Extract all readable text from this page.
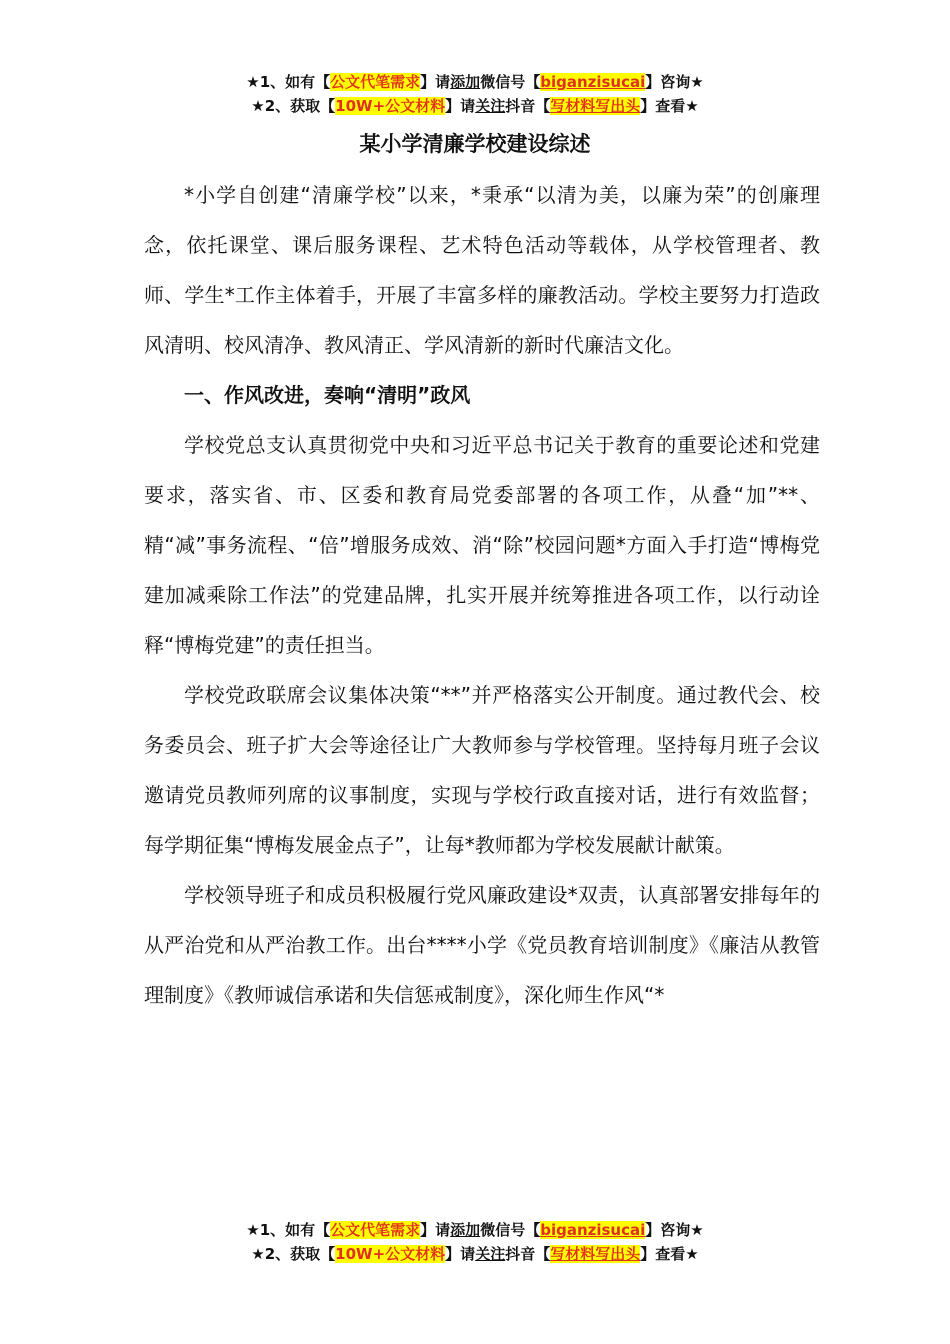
★1、如有【公文代笔需求】请添加微信号【biganzisucai】咨询★
★2、获取【10W+公文材料】请关注抖音【写材料写出头】查看★
某小学清廉学校建设综述

*小学自创建“清廉学校”以来，*秉承“以清为美，以廉为荣”的创廉理念，依托课堂、课后服务课程、艺术特色活动等载体，从学校管理者、教师、学生*工作主体着手，开展了丰富多样的廉教活动。学校主要努力打造政风清明、校风清净、教风清正、学风清新的新时代廉洁文化。

一、作风改进，奏响“清明”政风

学校党总支认真贯彻党中央和习近平总书记关于教育的重要论述和党建要求，落实省、市、区委和教育局党委部署的各项工作，从叠“加”**、精“减”事务流程、“倍”增服务成效、消“除”校园问题*方面入手打造“博梅党建加减乘除工作法”的党建品牌，扎实开展并统筹推进各项工作，以行动诠释“博梅党建”的责任担当。

学校党政联席会议集体决策“**”并严格落实公开制度。通过教代会、校务委员会、班子扩大会等途径让广大教师参与学校管理。坚持每月班子会议邀请党员教师列席的议事制度，实现与学校行政直接对话，进行有效监督；每学期征集“博梅发展金点子”，让每*教师都为学校发展献计献策。

学校领导班子和成员积极履行党风廉政建设*双责，认真部署安排每年的从严治党和从严治教工作。出台****小学《党员教育培训制度》《廉洁从教管理制度》《教师诚信承诺和失信惩戒制度》，深化师生作风“*

★1、如有【公文代笔需求】请添加微信号【biganzisucai】咨询★
★2、获取【10W+公文材料】请关注抖音【写材料写出头】查看★
